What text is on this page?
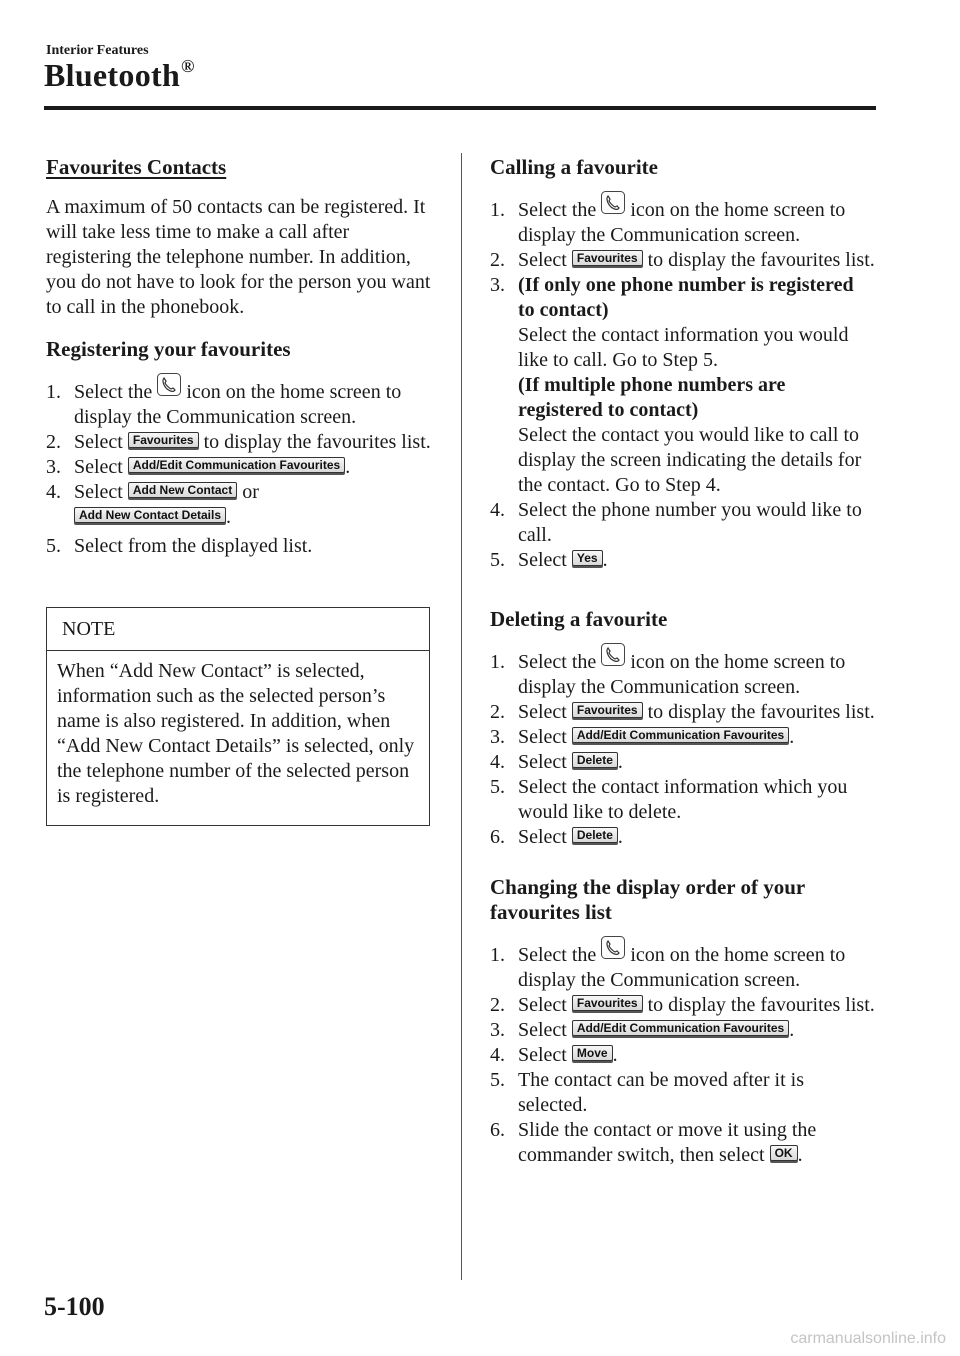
Interior Features
Bluetooth®
Favourites Contacts

A maximum of 50 contacts can be registered. It will take less time to make a call after registering the telephone number. In addition, you do not have to look for the person you want to call in the phonebook.

Registering your favourites
1. Select the icon on the home screen to display the Communication screen.
2. Select Favourites to display the favourites list.
3. Select Add/Edit Communication Favourites .
4. Select Add New Contact or
Add New Contact Details .
5. Select from the displayed list.
NOTE
When “Add New Contact” is selected, information such as the selected person’s name is also registered. In addition, when “Add New Contact Details” is selected, only the telephone number of the selected person is registered.
Calling a favourite
1. Select the icon on the home screen to display the Communication screen.
2. Select Favourites to display the favourites list.
3. (If only one phone number is registered to contact)
Select the contact information you would like to call. Go to Step 5.
(If multiple phone numbers are registered to contact)
Select the contact you would like to call to display the screen indicating the details for the contact. Go to Step 4.
4. Select the phone number you would like to call.
5. Select Yes .
Deleting a favourite
1. Select the icon on the home screen to display the Communication screen.
2. Select Favourites to display the favourites list.
3. Select Add/Edit Communication Favourites .
4. Select Delete .
5. Select the contact information which you would like to delete.
6. Select Delete .
Changing the display order of your favourites list
1. Select the icon on the home screen to display the Communication screen.
2. Select Favourites to display the favourites list.
3. Select Add/Edit Communication Favourites .
4. Select Move .
5. The contact can be moved after it is selected.
6. Slide the contact or move it using the commander switch, then select OK .
5-100
carmanualsonline.info
